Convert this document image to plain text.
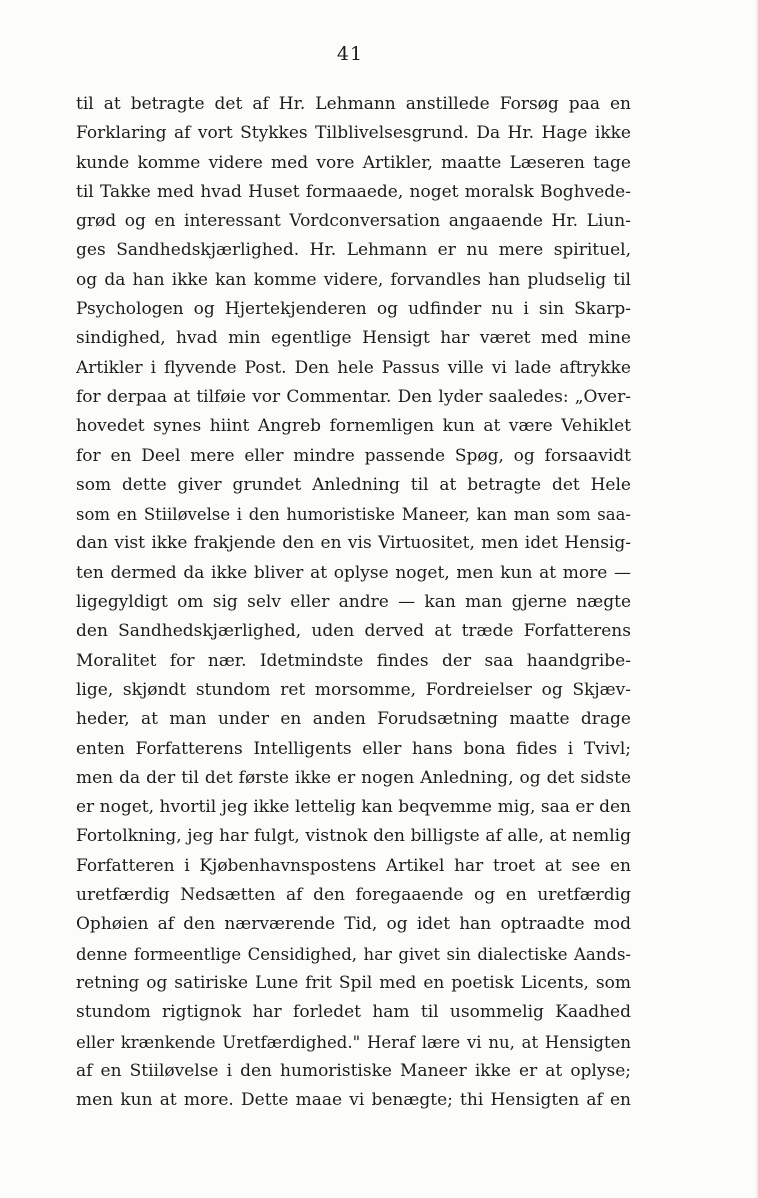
41
til at betragte det af Hr. Lehmann anstillede Forsøg paa en
Forklaring af vort Stykkes Tilblivelsesgrund. Da Hr. Hage ikke
kunde komme videre med vore Artikler, maatte Læseren tage
til Takke med hvad Huset formaaede, noget moralsk Boghvede-
grød og en interessant Vordconversation angaaende Hr. Liun-
ges Sandhedskjærlighed. Hr. Lehmann er nu mere spirituel,
og da han ikke kan komme videre, forvandles han pludselig til
Psychologen og Hjertekjenderen og udfinder nu i sin Skarp-
sindighed, hvad min egentlige Hensigt har været med mine
Artikler i flyvende Post. Den hele Passus ville vi lade aftrykke
for derpaa at tilføie vor Commentar. Den lyder saaledes: „Over-
hovedet synes hiint Angreb fornemligen kun at være Vehiklet
for en Deel mere eller mindre passende Spøg, og forsaavidt
som dette giver grundet Anledning til at betragte det Hele
som en Stiiløvelse i den humoristiske Maneer, kan man som saa-
dan vist ikke frakjende den en vis Virtuositet, men idet Hensig-
ten dermed da ikke bliver at oplyse noget, men kun at more —
ligegyldigt om sig selv eller andre — kan man gjerne nægte
den Sandhedskjærlighed, uden derved at træde Forfatterens
Moralitet for nær. Idetmindste findes der saa haandgribe-
lige, skjøndt stundom ret morsomme, Fordreielser og Skjæv-
heder, at man under en anden Forudsætning maatte drage
enten Forfatterens Intelligents eller hans bona fides i Tvivl;
men da der til det første ikke er nogen Anledning, og det sidste
er noget, hvortil jeg ikke lettelig kan beqvemme mig, saa er den
Fortolkning, jeg har fulgt, vistnok den billigste af alle, at nemlig
Forfatteren i Kjøbenhavnspostens Artikel har troet at see en
uretfærdig Nedsætten af den foregaaende og en uretfærdig
Ophøien af den nærværende Tid, og idet han optraadte mod
denne formeentlige Censidighed, har givet sin dialectiske Aands-
retning og satiriske Lune frit Spil med en poetisk Licents, som
stundom rigtignok har forledet ham til usommelig Kaadhed
eller krænkende Uretfærdighed." Heraf lære vi nu, at Hensigten
af en Stiiløvelse i den humoristiske Maneer ikke er at oplyse;
men kun at more. Dette maae vi benægte; thi Hensigten af en
